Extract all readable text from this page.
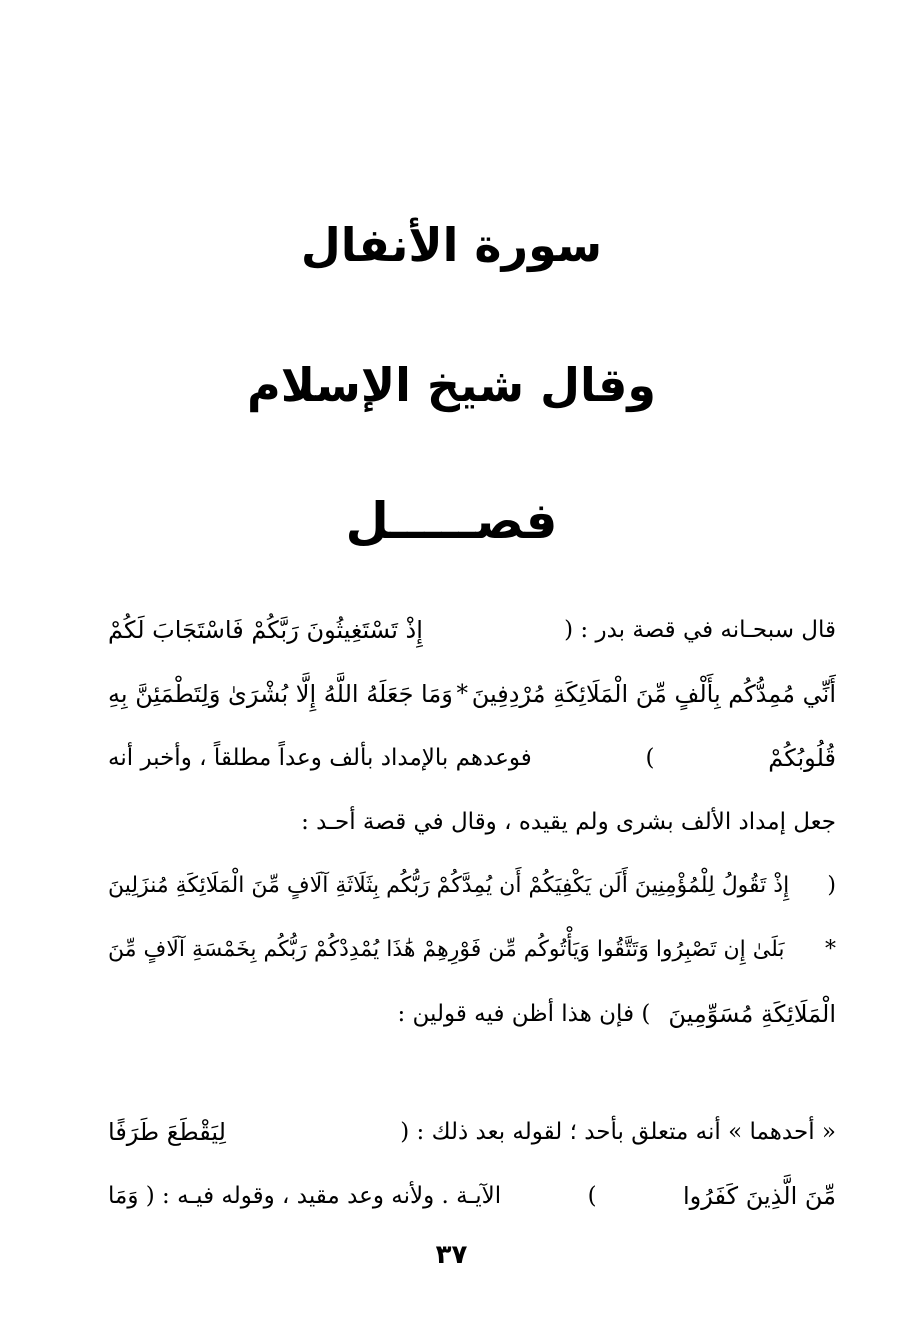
سورة الأنفال
وقال شيخ الإسلام
فصـــــل
قال سبحـانه في قصة بدر : (
إِذْ تَسْتَغِيثُونَ رَبَّكُمْ فَاسْتَجَابَ لَكُمْ
أَنِّي مُمِدُّكُم بِأَلْفٍ مِّنَ الْمَلَائِكَةِ مُرْدِفِينَ
*
وَمَا جَعَلَهُ اللَّهُ إِلَّا بُشْرَىٰ وَلِتَطْمَئِنَّ بِهِ
قُلُوبُكُمْ
)
فوعدهم بالإمداد بألف وعداً مطلقاً ، وأخبر أنه
جعل إمداد الألف بشرى ولم يقيده ، وقال في قصة أحـد :
(
إِذْ تَقُولُ لِلْمُؤْمِنِينَ أَلَن يَكْفِيَكُمْ أَن يُمِدَّكُمْ رَبُّكُم بِثَلَاثَةِ آلَافٍ مِّنَ الْمَلَائِكَةِ مُنزَلِينَ
*
بَلَىٰ إِن تَصْبِرُوا وَتَتَّقُوا وَيَأْتُوكُم مِّن فَوْرِهِمْ هَٰذَا يُمْدِدْكُمْ رَبُّكُم بِخَمْسَةِ آلَافٍ مِّنَ
الْمَلَائِكَةِ مُسَوِّمِينَ
) فإن هذا أظن فيه قولين :
« أحدهما » أنه متعلق بأحد ؛ لقوله بعد ذلك : (
لِيَقْطَعَ طَرَفًا
مِّنَ الَّذِينَ كَفَرُوا
)
الآيـة . ولأنه وعد مقيد ، وقوله فيـه : ( وَمَا
٣٧
